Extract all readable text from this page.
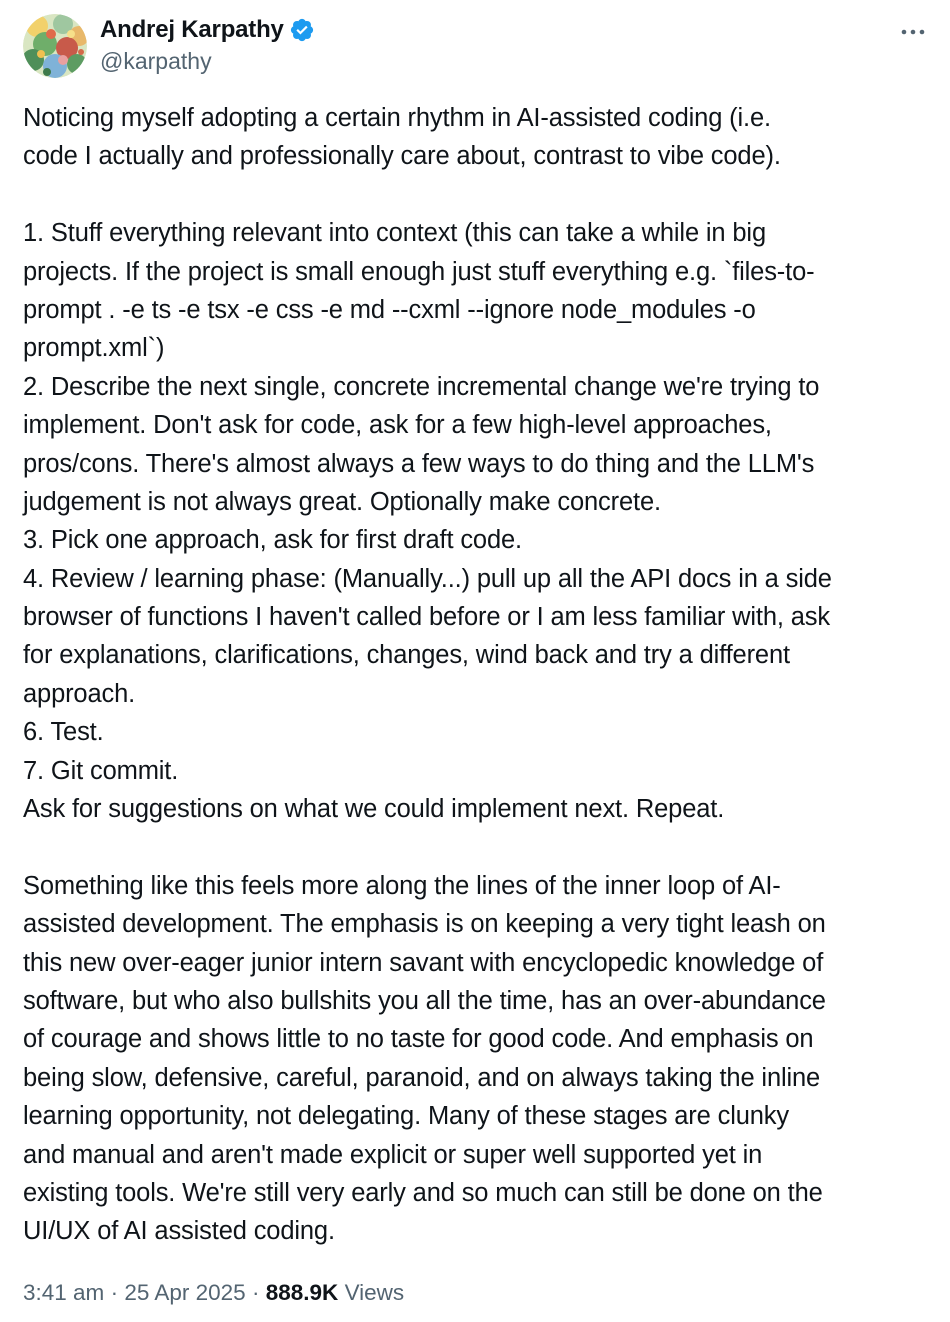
Andrej Karpathy
@karpathy
Noticing myself adopting a certain rhythm in AI-assisted coding (i.e.
code I actually and professionally care about, contrast to vibe code).
1. Stuff everything relevant into context (this can take a while in big
projects. If the project is small enough just stuff everything e.g. `files-to-
prompt . -e ts -e tsx -e css -e md --cxml --ignore node_modules -o
prompt.xml`)
2. Describe the next single, concrete incremental change we're trying to
implement. Don't ask for code, ask for a few high-level approaches,
pros/cons. There's almost always a few ways to do thing and the LLM's
judgement is not always great. Optionally make concrete.
3. Pick one approach, ask for first draft code.
4. Review / learning phase: (Manually...) pull up all the API docs in a side
browser of functions I haven't called before or I am less familiar with, ask
for explanations, clarifications, changes, wind back and try a different
approach.
6. Test.
7. Git commit.
Ask for suggestions on what we could implement next. Repeat.
Something like this feels more along the lines of the inner loop of AI-
assisted development. The emphasis is on keeping a very tight leash on
this new over-eager junior intern savant with encyclopedic knowledge of
software, but who also bullshits you all the time, has an over-abundance
of courage and shows little to no taste for good code. And emphasis on
being slow, defensive, careful, paranoid, and on always taking the inline
learning opportunity, not delegating. Many of these stages are clunky
and manual and aren't made explicit or super well supported yet in
existing tools. We're still very early and so much can still be done on the
UI/UX of AI assisted coding.
3:41 am · 25 Apr 2025 · 888.9K Views
